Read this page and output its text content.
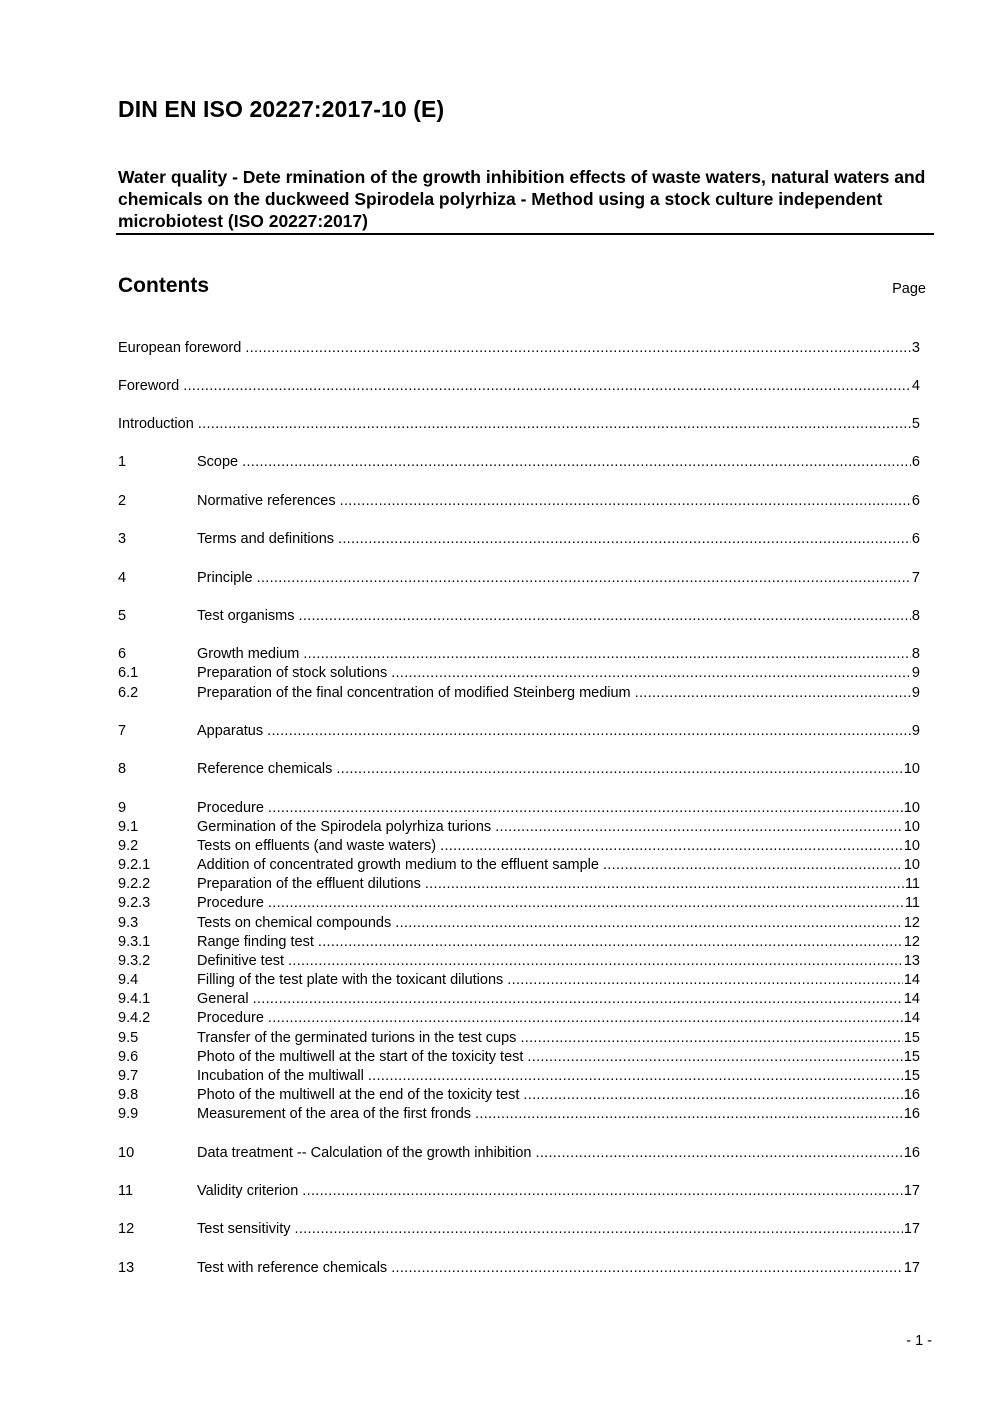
DIN EN ISO 20227:2017-10 (E)
Water quality - Dete rmination of the growth inhibition effects of waste waters, natural waters and chemicals on the duckweed Spirodela polyrhiza - Method using a stock culture independent microbiotest (ISO 20227:2017)
Contents	Page
European foreword .....	3
Foreword .....	4
Introduction .....	5
1	Scope .....	6
2	Normative references .....	6
3	Terms and definitions .....	6
4	Principle .....	7
5	Test organisms .....	8
6	Growth medium .....	8
6.1	Preparation of stock solutions .....	9
6.2	Preparation of the final concentration of modified Steinberg medium .....	9
7	Apparatus .....	9
8	Reference chemicals .....	10
9	Procedure .....	10
9.1	Germination of the Spirodela polyrhiza turions .....	10
9.2	Tests on effluents (and waste waters) .....	10
9.2.1	Addition of concentrated growth medium to the effluent sample .....	10
9.2.2	Preparation of the effluent dilutions .....	11
9.2.3	Procedure .....	11
9.3	Tests on chemical compounds .....	12
9.3.1	Range finding test .....	12
9.3.2	Definitive test .....	13
9.4	Filling of the test plate with the toxicant dilutions .....	14
9.4.1	General .....	14
9.4.2	Procedure .....	14
9.5	Transfer of the germinated turions in the test cups .....	15
9.6	Photo of the multiwell at the start of the toxicity test .....	15
9.7	Incubation of the multiwall .....	15
9.8	Photo of the multiwell at the end of the toxicity test .....	16
9.9	Measurement of the area of the first fronds .....	16
10	Data treatment -- Calculation of the growth inhibition .....	16
11	Validity criterion .....	17
12	Test sensitivity .....	17
13	Test with reference chemicals .....	17
- 1 -
